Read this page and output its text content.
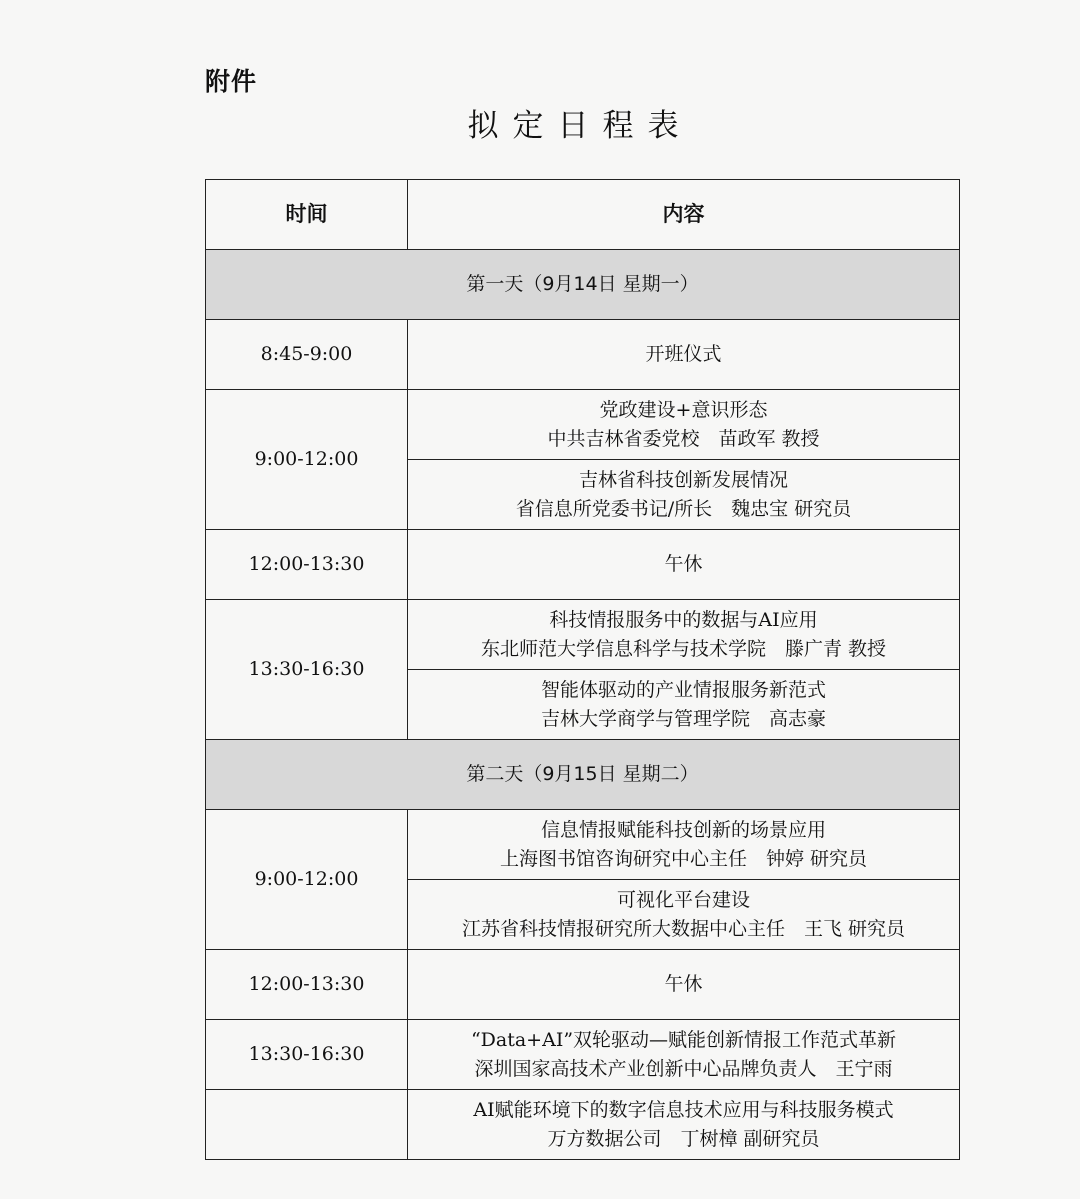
附件
拟定日程表
时间	内容
第一天（9月14日 星期一）	
8:45-9:00	开班仪式

9:00-12:00	党政建设+意识形态
中共吉林省委党校　苗政军 教授

	吉林省科技创新发展情况
省信息所党委书记/所长　魏忠宝 研究员

12:00-13:30	午休

13:30-16:30	科技情报服务中的数据与AI应用
东北师范大学信息科学与技术学院　滕广青 教授

	智能体驱动的产业情报服务新范式
吉林大学商学与管理学院　高志豪

第二天（9月15日 星期二）	
9:00-12:00	信息情报赋能科技创新的场景应用
上海图书馆咨询研究中心主任　钟婷 研究员

	可视化平台建设
江苏省科技情报研究所大数据中心主任　王飞 研究员

12:00-13:30	午休

13:30-16:30	“Data+AI”双轮驱动—赋能创新情报工作范式革新
深圳国家高技术产业创新中心品牌负责人　王宁雨

	AI赋能环境下的数字信息技术应用与科技服务模式
万方数据公司　丁树樟 副研究员
